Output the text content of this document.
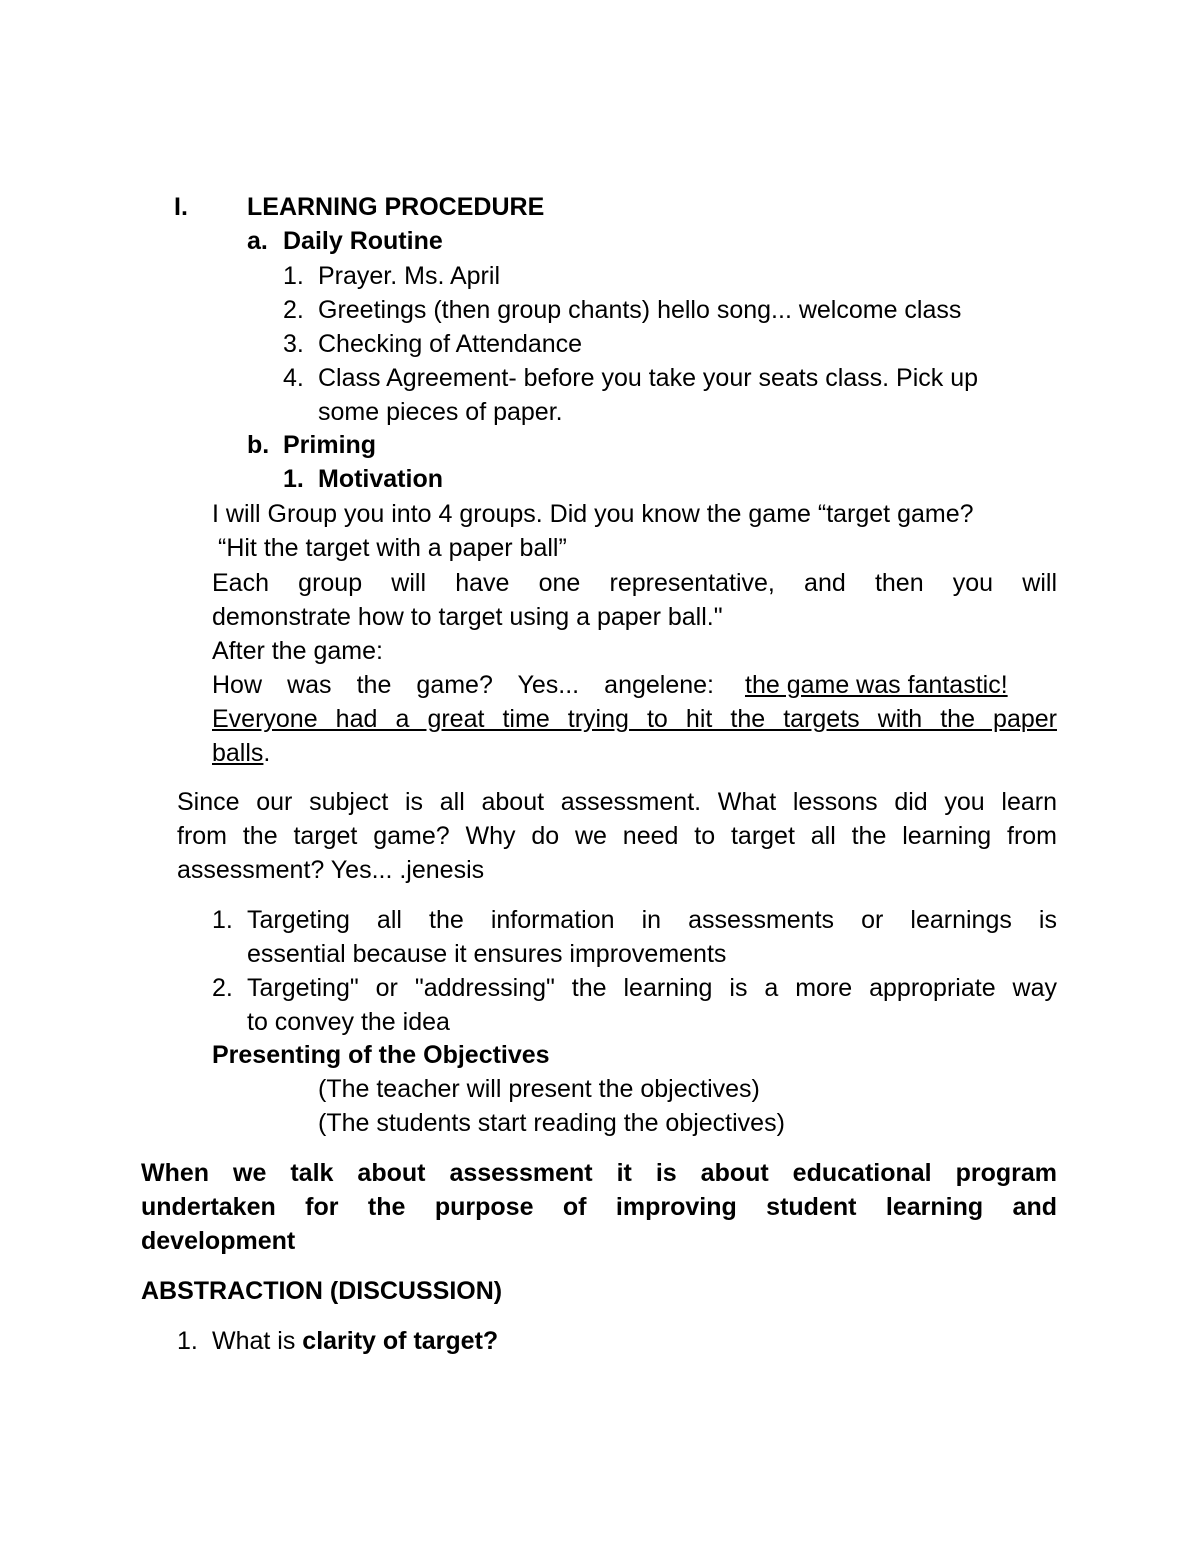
I. LEARNING PROCEDURE
a. Daily Routine
1. Prayer. Ms. April
2. Greetings (then group chants) hello song... welcome class
3. Checking of Attendance
4. Class Agreement- before you take your seats class. Pick up
some pieces of paper.
b. Priming
1. Motivation
I will Group you into 4 groups. Did you know the game “target game?
“Hit the target with a paper ball”
Each group will have one representative, and then you will
demonstrate how to target using a paper ball."
After the game:
How was the game? Yes... angelene: the game was fantastic!
Everyone had a great time trying to hit the targets with the paper
balls.
Since our subject is all about assessment. What lessons did you learn
from the target game? Why do we need to target all the learning from
assessment? Yes... .jenesis
1. Targeting all the information in assessments or learnings is
essential because it ensures improvements
2. Targeting" or "addressing" the learning is a more appropriate way
to convey the idea
Presenting of the Objectives
(The teacher will present the objectives)
(The students start reading the objectives)
When we talk about assessment it is about educational program
undertaken for the purpose of improving student learning and
development
ABSTRACTION (DISCUSSION)
1. What is clarity of target?
